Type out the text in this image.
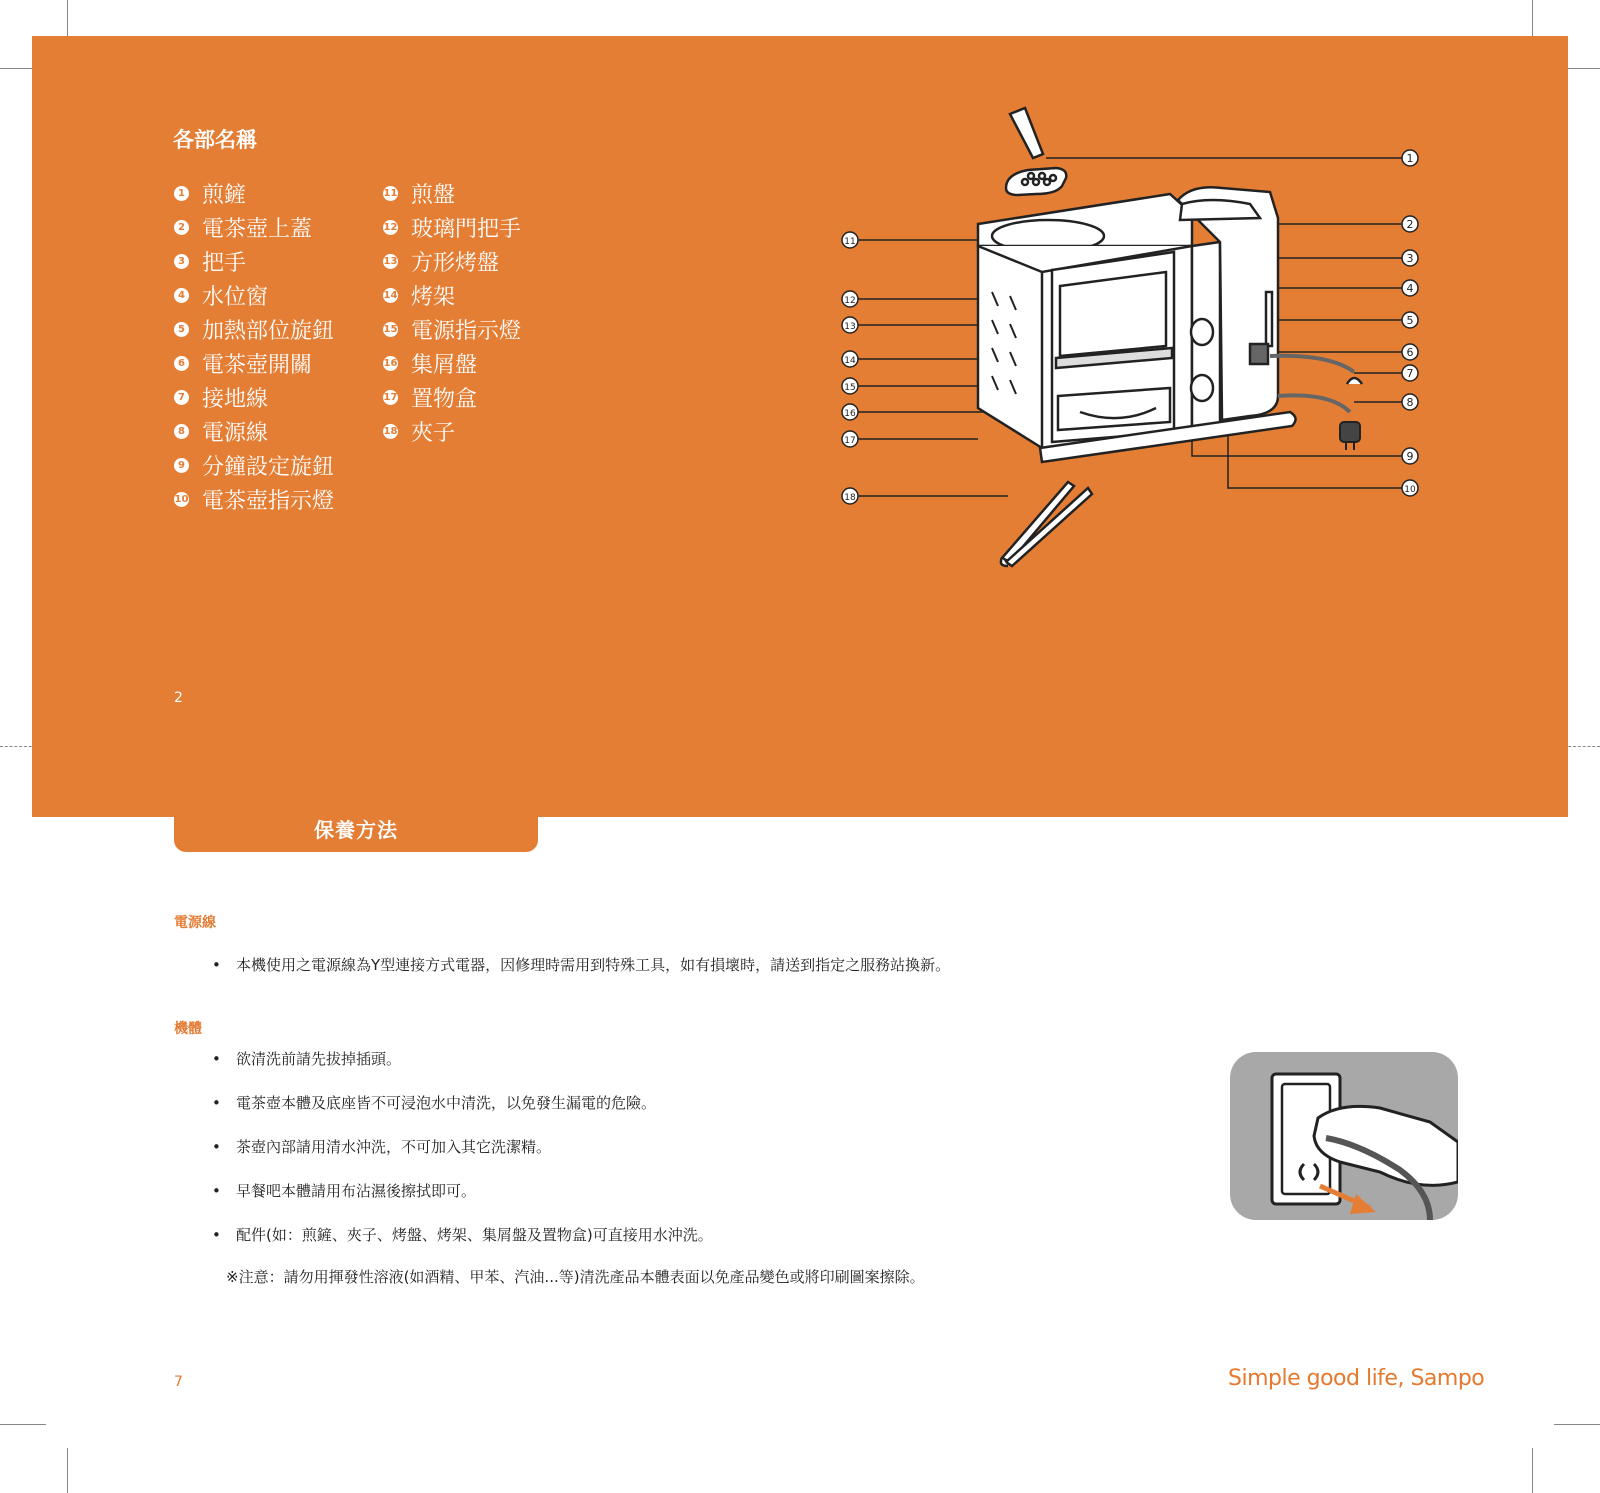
各部名稱
1 煎鏟
2 電茶壺上蓋
3 把手
4 水位窗
5 加熱部位旋鈕
6 電茶壺開關
7 接地線
8 電源線
9 分鐘設定旋鈕
10 電茶壺指示燈
11 煎盤
12 玻璃門把手
13 方形烤盤
14 烤架
15 電源指示燈
16 集屑盤
17 置物盒
18 夾子
2
11
12
13
14
15
16
17
18
1
2
3
4
5
6
7
8
9
10
保養方法
電源線
• 本機使用之電源線為Y型連接方式電器，因修理時需用到特殊工具，如有損壞時，請送到指定之服務站換新。
機體
• 欲清洗前請先拔掉插頭。
• 電茶壺本體及底座皆不可浸泡水中清洗，以免發生漏電的危險。
• 茶壺內部請用清水沖洗，不可加入其它洗潔精。
• 早餐吧本體請用布沾濕後擦拭即可。
• 配件(如：煎鏟、夾子、烤盤、烤架、集屑盤及置物盒)可直接用水沖洗。
※注意：請勿用揮發性溶液(如酒精、甲苯、汽油...等)清洗產品本體表面以免產品變色或將印刷圖案擦除。
7	Simple good life, Sampo
